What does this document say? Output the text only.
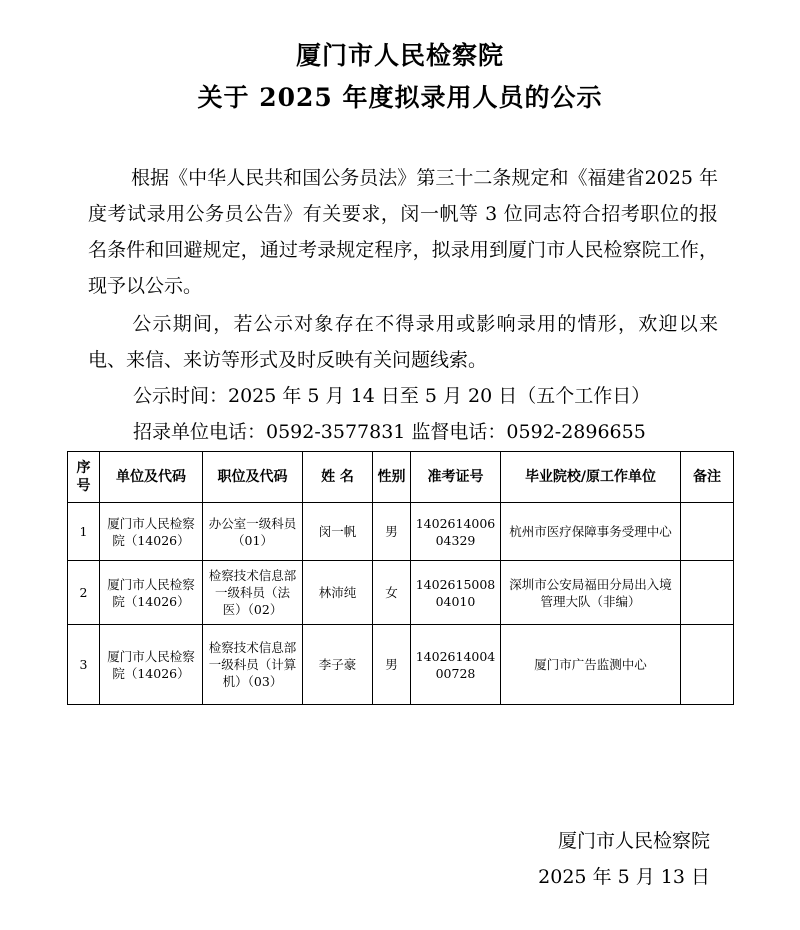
厦门市人民检察院
关于 2025 年度拟录用人员的公示
根据《中华人民共和国公务员法》第三十二条规定和《福建省2025 年度考试录用公务员公告》有关要求，闵一帆等 3 位同志符合招考职位的报名条件和回避规定，通过考录规定程序，拟录用到厦门市人民检察院工作，现予以公示。
公示期间，若公示对象存在不得录用或影响录用的情形，欢迎以来电、来信、来访等形式及时反映有关问题线索。
公示时间：2025 年 5 月 14 日至 5 月 20 日（五个工作日）
招录单位电话：0592-3577831 监督电话：0592-2896655
序号	单位及代码	职位及代码	姓 名	性别	准考证号	毕业院校/原工作单位	备注
1	厦门市人民检察院（14026）	办公室一级科员（01）	闵一帆	男	140261400604329	杭州市医疗保障事务受理中心	
2	厦门市人民检察院（14026）	检察技术信息部一级科员（法医）（02）	林沛纯	女	140261500804010	深圳市公安局福田分局出入境管理大队（非编）	
3	厦门市人民检察院（14026）	检察技术信息部一级科员（计算机）（03）	李子豪	男	140261400400728	厦门市广告监测中心	
厦门市人民检察院
2025 年 5 月 13 日
